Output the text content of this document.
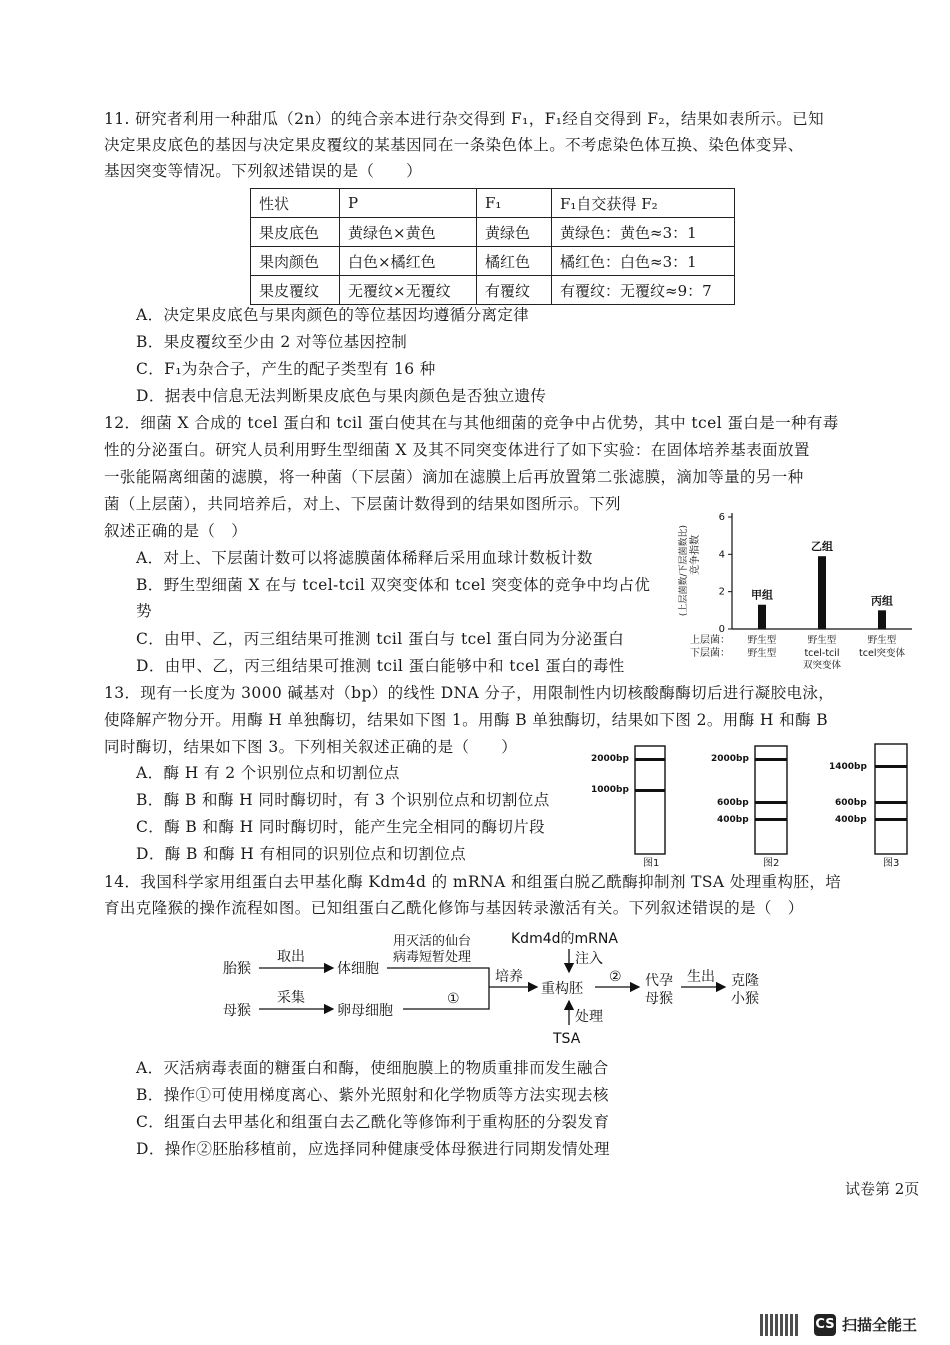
11. 研究者利用一种甜瓜（2n）的纯合亲本进行杂交得到 F₁，F₁经自交得到 F₂，结果如表所示。已知
决定果皮底色的基因与决定果皮覆纹的某基因同在一条染色体上。不考虑染色体互换、染色体变异、
基因突变等情况。下列叙述错误的是（　　）
性状	P	F₁	F₁自交获得 F₂
果皮底色	黄绿色×黄色	黄绿色	黄绿色：黄色≈3：1
果肉颜色	白色×橘红色	橘红色	橘红色：白色≈3：1
果皮覆纹	无覆纹×无覆纹	有覆纹	有覆纹：无覆纹≈9：7
A．决定果皮底色与果肉颜色的等位基因均遵循分离定律
B．果皮覆纹至少由 2 对等位基因控制
C．F₁为杂合子，产生的配子类型有 16 种
D．据表中信息无法判断果皮底色与果肉颜色是否独立遗传
12．细菌 X 合成的 tcel 蛋白和 tcil 蛋白使其在与其他细菌的竞争中占优势，其中 tcel 蛋白是一种有毒
性的分泌蛋白。研究人员利用野生型细菌 X 及其不同突变体进行了如下实验：在固体培养基表面放置
一张能隔离细菌的滤膜，将一种菌（下层菌）滴加在滤膜上后再放置第二张滤膜，滴加等量的另一种
菌（上层菌），共同培养后，对上、下层菌计数得到的结果如图所示。下列
叙述正确的是（　）
A．对上、下层菌计数可以将滤膜菌体稀释后采用血球计数板计数
B．野生型细菌 X 在与 tcel-tcil 双突变体和 tcel 突变体的竞争中均占优
势
C．由甲、乙，丙三组结果可推测 tcil 蛋白与 tcel 蛋白同为分泌蛋白
D．由甲、乙，丙三组结果可推测 tcil 蛋白能够中和 tcel 蛋白的毒性
(上层菌数/下层菌数比) 竞争指数
0
2
4
6
甲组
野生型
野生型
乙组
野生型
tcel-tcil
双突变体
丙组
野生型
tcel突变体
上层菌：
下层菌：
13．现有一长度为 3000 碱基对（bp）的线性 DNA 分子，用限制性内切核酸酶酶切后进行凝胶电泳，
使降解产物分开。用酶 H 单独酶切，结果如下图 1。用酶 B 单独酶切，结果如下图 2。用酶 H 和酶 B
同时酶切，结果如下图 3。下列相关叙述正确的是（　　）
A．酶 H 有 2 个识别位点和切割位点
B．酶 B 和酶 H 同时酶切时，有 3 个识别位点和切割位点
C．酶 B 和酶 H 同时酶切时，能产生完全相同的酶切片段
D．酶 B 和酶 H 有相同的识别位点和切割位点
2000bp
1000bp
图1
2000bp
600bp
400bp
图2
1400bp
600bp
400bp
图3
14．我国科学家用组蛋白去甲基化酶 Kdm4d 的 mRNA 和组蛋白脱乙酰酶抑制剂 TSA 处理重构胚，培
育出克隆猴的操作流程如图。已知组蛋白乙酰化修饰与基因转录激活有关。下列叙述错误的是（　）
胎猴
取出
体细胞
用灭活的仙台
病毒短暂处理
母猴
采集
卵母细胞
①
培养
Kdm4d的mRNA
注入
重构胚
处理
TSA
② 代孕
母猴
生出 克隆
小猴
A．灭活病毒表面的糖蛋白和酶，使细胞膜上的物质重排而发生融合
B．操作①可使用梯度离心、紫外光照射和化学物质等方法实现去核
C．组蛋白去甲基化和组蛋白去乙酰化等修饰利于重构胚的分裂发育
D．操作②胚胎移植前，应选择同种健康受体母猴进行同期发情处理
试卷第 2页
CS 扫描全能王
